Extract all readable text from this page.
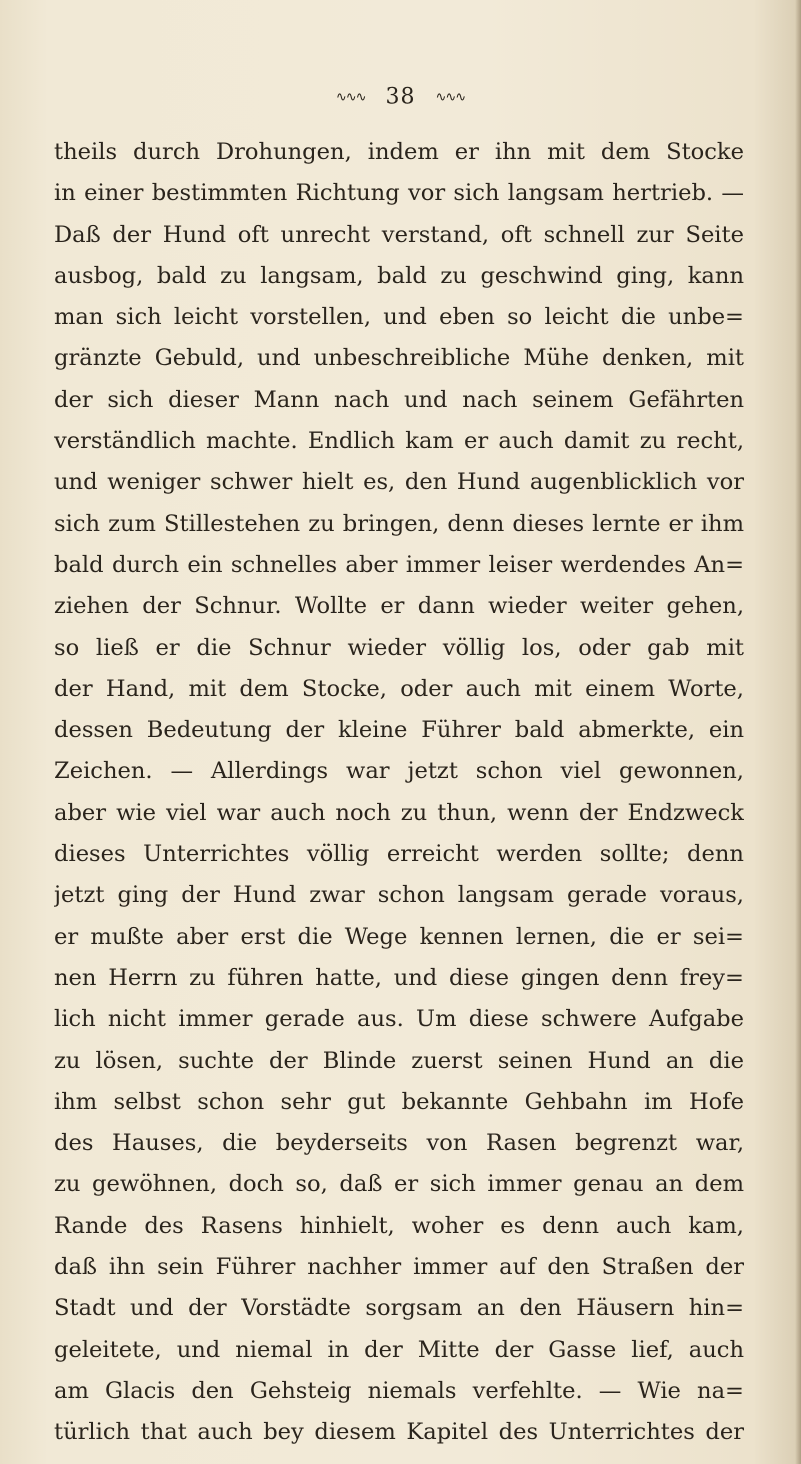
∿∿∿ 38 ∿∿∿
theils durch Drohungen, indem er ihn mit dem Stocke
in einer bestimmten Richtung vor sich langsam hertrieb. —
Daß der Hund oft unrecht verstand, oft schnell zur Seite
ausbog, bald zu langsam, bald zu geschwind ging, kann
man sich leicht vorstellen, und eben so leicht die unbe=
gränzte Gebuld, und unbeschreibliche Mühe denken, mit
der sich dieser Mann nach und nach seinem Gefährten
verständlich machte. Endlich kam er auch damit zu recht,
und weniger schwer hielt es, den Hund augenblicklich vor
sich zum Stillestehen zu bringen, denn dieses lernte er ihm
bald durch ein schnelles aber immer leiser werdendes An=
ziehen der Schnur. Wollte er dann wieder weiter gehen,
so ließ er die Schnur wieder völlig los, oder gab mit
der Hand, mit dem Stocke, oder auch mit einem Worte,
dessen Bedeutung der kleine Führer bald abmerkte, ein
Zeichen. — Allerdings war jetzt schon viel gewonnen,
aber wie viel war auch noch zu thun, wenn der Endzweck
dieses Unterrichtes völlig erreicht werden sollte; denn
jetzt ging der Hund zwar schon langsam gerade voraus,
er mußte aber erst die Wege kennen lernen, die er sei=
nen Herrn zu führen hatte, und diese gingen denn frey=
lich nicht immer gerade aus. Um diese schwere Aufgabe
zu lösen, suchte der Blinde zuerst seinen Hund an die
ihm selbst schon sehr gut bekannte Gehbahn im Hofe
des Hauses, die beyderseits von Rasen begrenzt war,
zu gewöhnen, doch so, daß er sich immer genau an dem
Rande des Rasens hinhielt, woher es denn auch kam,
daß ihn sein Führer nachher immer auf den Straßen der
Stadt und der Vorstädte sorgsam an den Häusern hin=
geleitete, und niemal in der Mitte der Gasse lief, auch
am Glacis den Gehsteig niemals verfehlte. — Wie na=
türlich that auch bey diesem Kapitel des Unterrichtes der
